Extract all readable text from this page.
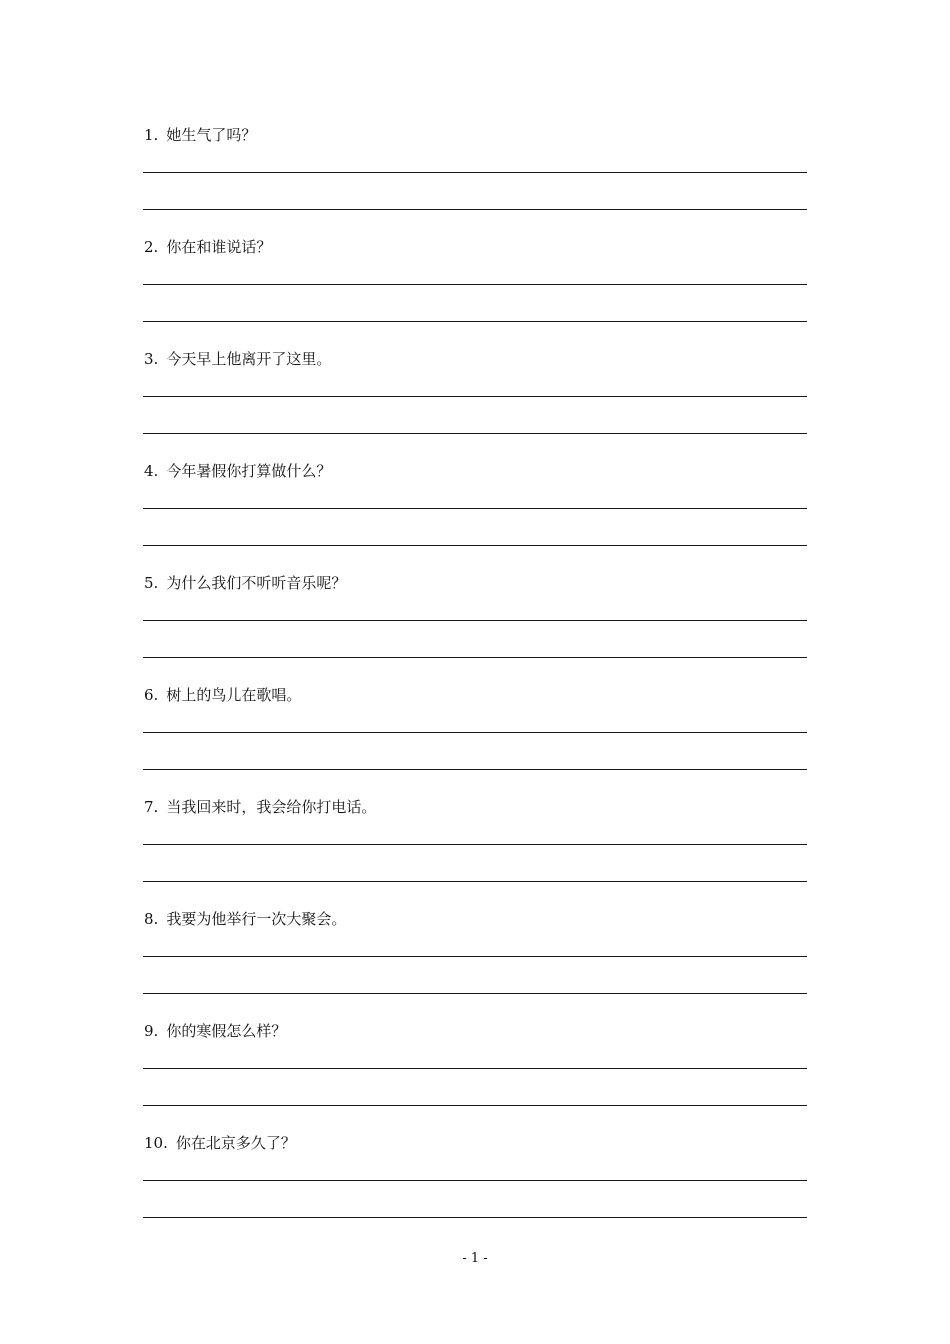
1. 她生气了吗？
2. 你在和谁说话？
3. 今天早上他离开了这里。
4. 今年暑假你打算做什么？
5. 为什么我们不听听音乐呢？
6. 树上的鸟儿在歌唱。
7. 当我回来时，我会给你打电话。
8. 我要为他举行一次大聚会。
9. 你的寒假怎么样？
10. 你在北京多久了？
- 1 -
